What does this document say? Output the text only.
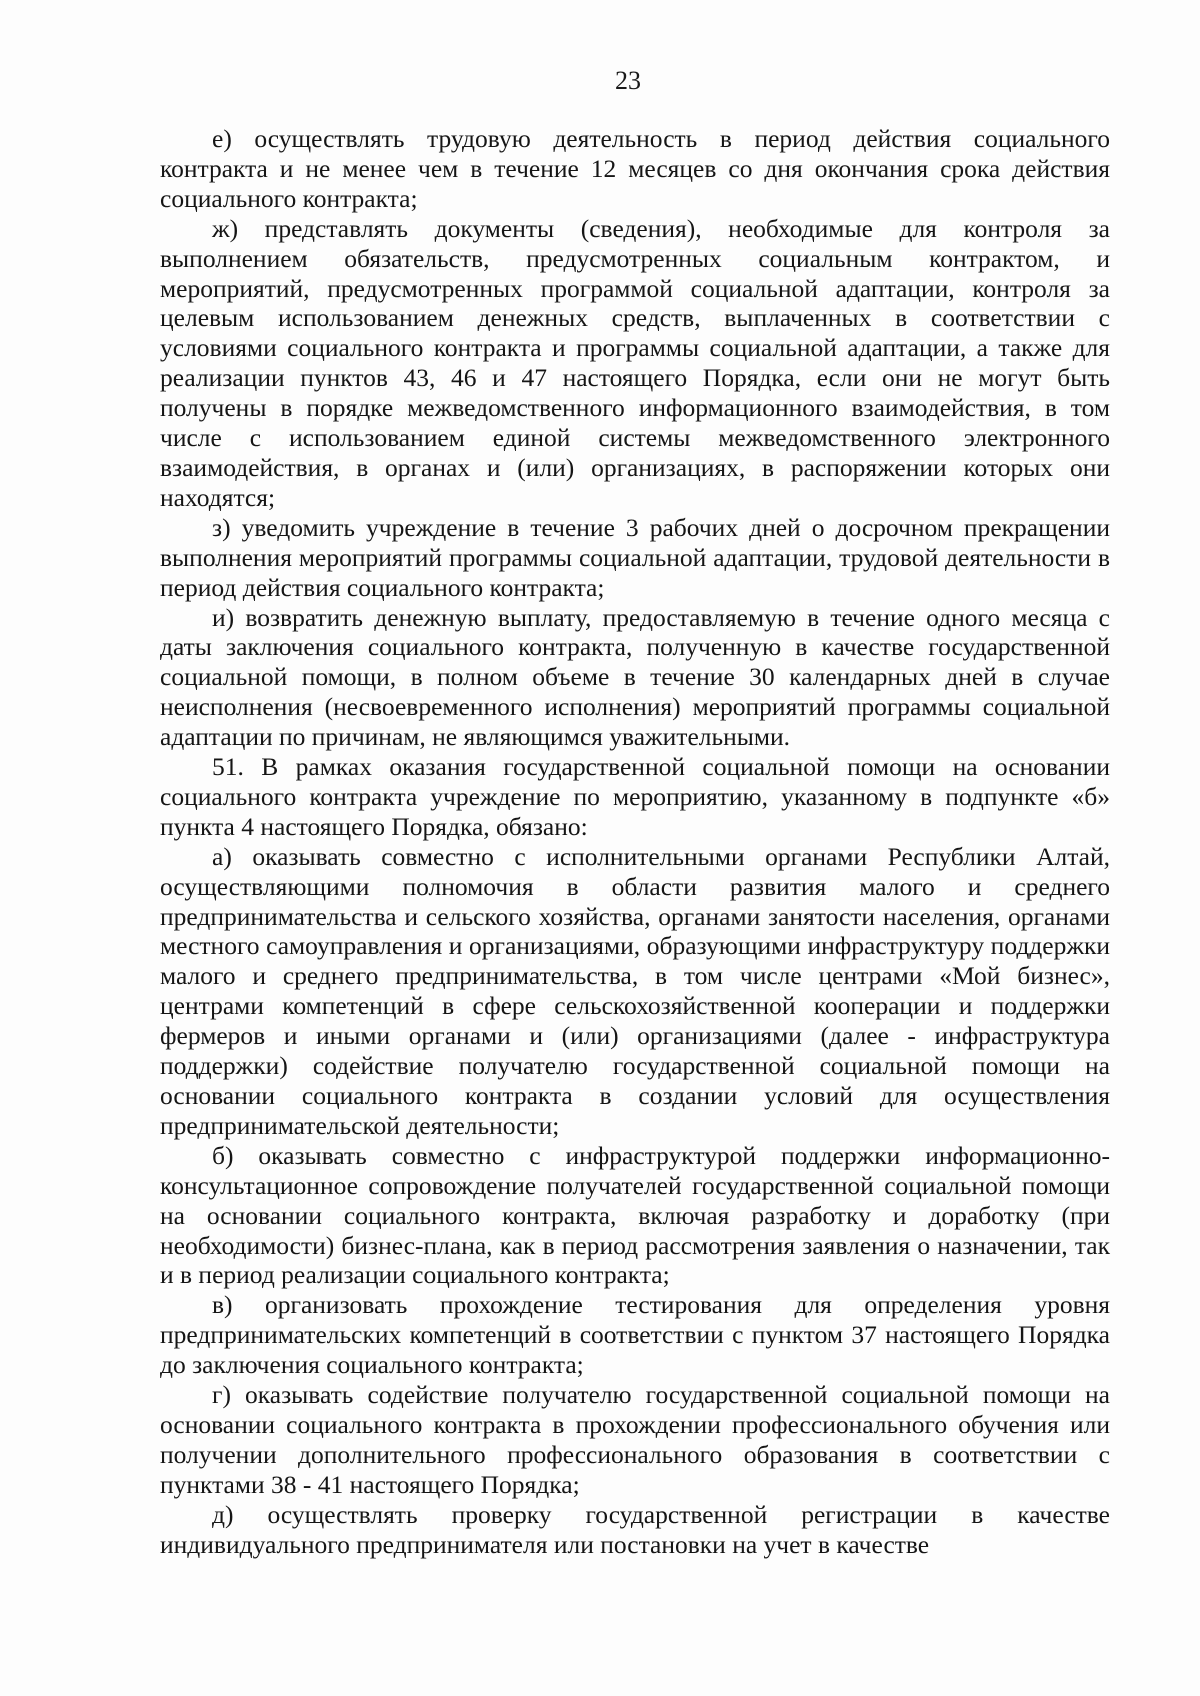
23

е) осуществлять трудовую деятельность в период действия социального контракта и не менее чем в течение 12 месяцев со дня окончания срока действия социального контракта;

ж) представлять документы (сведения), необходимые для контроля за выполнением обязательств, предусмотренных социальным контрактом, и мероприятий, предусмотренных программой социальной адаптации, контроля за целевым использованием денежных средств, выплаченных в соответствии с условиями социального контракта и программы социальной адаптации, а также для реализации пунктов 43, 46 и 47 настоящего Порядка, если они не могут быть получены в порядке межведомственного информационного взаимодействия, в том числе с использованием единой системы межведомственного электронного взаимодействия, в органах и (или) организациях, в распоряжении которых они находятся;

з) уведомить учреждение в течение 3 рабочих дней о досрочном прекращении выполнения мероприятий программы социальной адаптации, трудовой деятельности в период действия социального контракта;

и) возвратить денежную выплату, предоставляемую в течение одного месяца с даты заключения социального контракта, полученную в качестве государственной социальной помощи, в полном объеме в течение 30 календарных дней в случае неисполнения (несвоевременного исполнения) мероприятий программы социальной адаптации по причинам, не являющимся уважительными.

51. В рамках оказания государственной социальной помощи на основании социального контракта учреждение по мероприятию, указанному в подпункте «б» пункта 4 настоящего Порядка, обязано:

а) оказывать совместно с исполнительными органами Республики Алтай, осуществляющими полномочия в области развития малого и среднего предпринимательства и сельского хозяйства, органами занятости населения, органами местного самоуправления и организациями, образующими инфраструктуру поддержки малого и среднего предпринимательства, в том числе центрами «Мой бизнес», центрами компетенций в сфере сельскохозяйственной кооперации и поддержки фермеров и иными органами и (или) организациями (далее - инфраструктура поддержки) содействие получателю государственной социальной помощи на основании социального контракта в создании условий для осуществления предпринимательской деятельности;

б) оказывать совместно с инфраструктурой поддержки информационно-консультационное сопровождение получателей государственной социальной помощи на основании социального контракта, включая разработку и доработку (при необходимости) бизнес-плана, как в период рассмотрения заявления о назначении, так и в период реализации социального контракта;

в) организовать прохождение тестирования для определения уровня предпринимательских компетенций в соответствии с пунктом 37 настоящего Порядка до заключения социального контракта;

г) оказывать содействие получателю государственной социальной помощи на основании социального контракта в прохождении профессионального обучения или получении дополнительного профессионального образования в соответствии с пунктами 38 - 41 настоящего Порядка;

д) осуществлять проверку государственной регистрации в качестве индивидуального предпринимателя или постановки на учет в качестве
